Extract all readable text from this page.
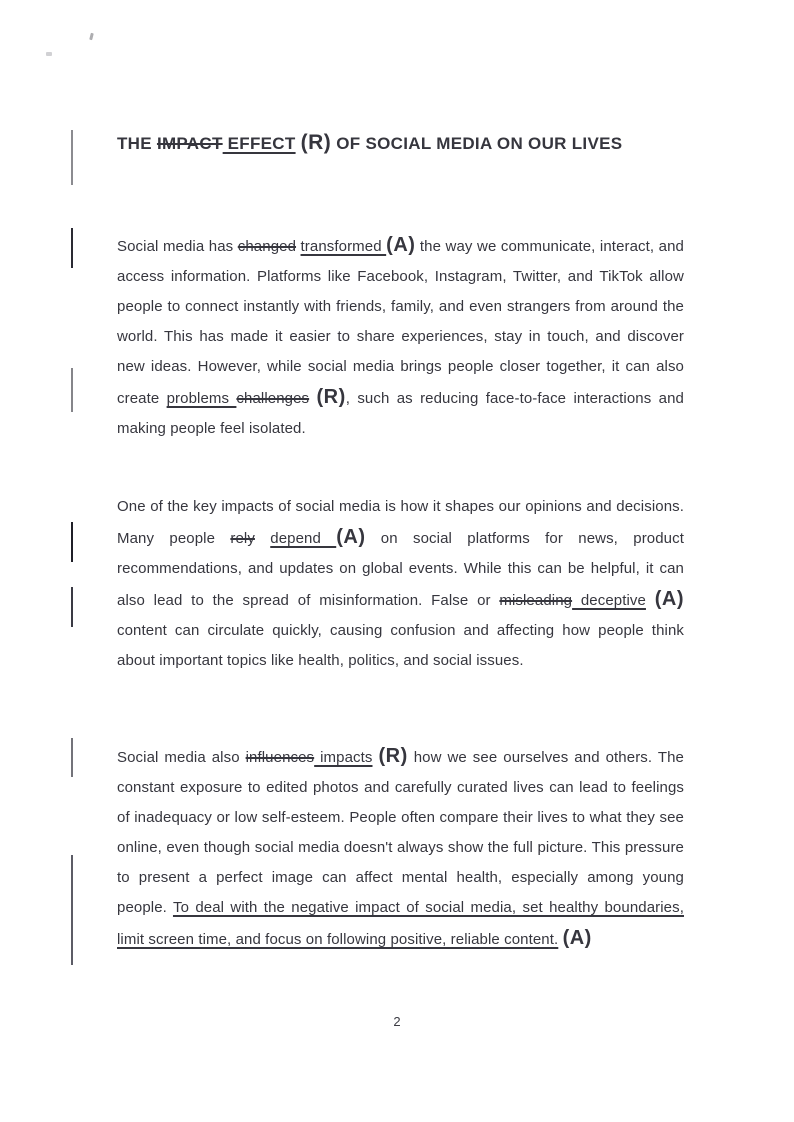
THE IMPACT EFFECT (R) OF SOCIAL MEDIA ON OUR LIVES

Social media has changed transformed (A) the way we communicate, interact, and access information. Platforms like Facebook, Instagram, Twitter, and TikTok allow people to connect instantly with friends, family, and even strangers from around the world. This has made it easier to share experiences, stay in touch, and discover new ideas. However, while social media brings people closer together, it can also create problems challenges (R), such as reducing face-to-face interactions and making people feel isolated.

One of the key impacts of social media is how it shapes our opinions and decisions. Many people rely depend (A) on social platforms for news, product recommendations, and updates on global events. While this can be helpful, it can also lead to the spread of misinformation. False or misleading deceptive (A) content can circulate quickly, causing confusion and affecting how people think about important topics like health, politics, and social issues.

Social media also influences impacts (R) how we see ourselves and others. The constant exposure to edited photos and carefully curated lives can lead to feelings of inadequacy or low self-esteem. People often compare their lives to what they see online, even though social media doesn't always show the full picture. This pressure to present a perfect image can affect mental health, especially among young people. To deal with the negative impact of social media, set healthy boundaries, limit screen time, and focus on following positive, reliable content. (A)

2
